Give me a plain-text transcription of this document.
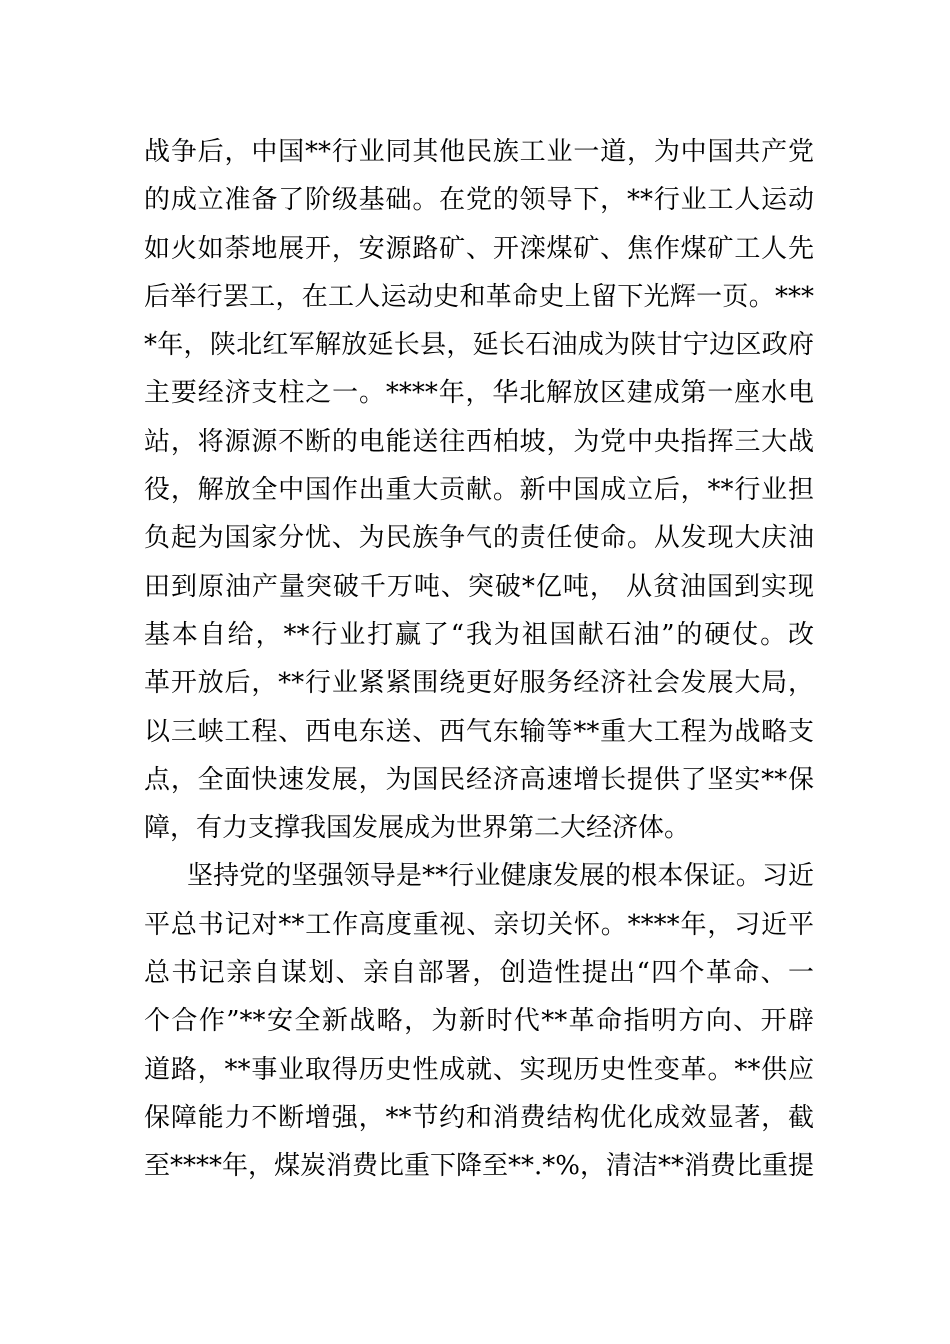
战争后，中国**行业同其他民族工业一道，为中国共产党
的成立准备了阶级基础。在党的领导下，**行业工人运动
如火如荼地展开，安源路矿、开滦煤矿、焦作煤矿工人先
后举行罢工，在工人运动史和革命史上留下光辉一页。***
*年，陕北红军解放延长县，延长石油成为陕甘宁边区政府
主要经济支柱之一。****年，华北解放区建成第一座水电
站，将源源不断的电能送往西柏坡，为党中央指挥三大战
役，解放全中国作出重大贡献。新中国成立后，**行业担
负起为国家分忧、为民族争气的责任使命。从发现大庆油
田到原油产量突破千万吨、突破*亿吨， 从贫油国到实现
基本自给，**行业打赢了“我为祖国献石油”的硬仗。改
革开放后，**行业紧紧围绕更好服务经济社会发展大局，
以三峡工程、西电东送、西气东输等**重大工程为战略支
点，全面快速发展，为国民经济高速增长提供了坚实**保
障，有力支撑我国发展成为世界第二大经济体。
坚持党的坚强领导是**行业健康发展的根本保证。习近
平总书记对**工作高度重视、亲切关怀。****年，习近平
总书记亲自谋划、亲自部署，创造性提出“四个革命、一
个合作”**安全新战略，为新时代**革命指明方向、开辟
道路，**事业取得历史性成就、实现历史性变革。**供应
保障能力不断增强，**节约和消费结构优化成效显著，截
至****年，煤炭消费比重下降至**.*%，清洁**消费比重提
